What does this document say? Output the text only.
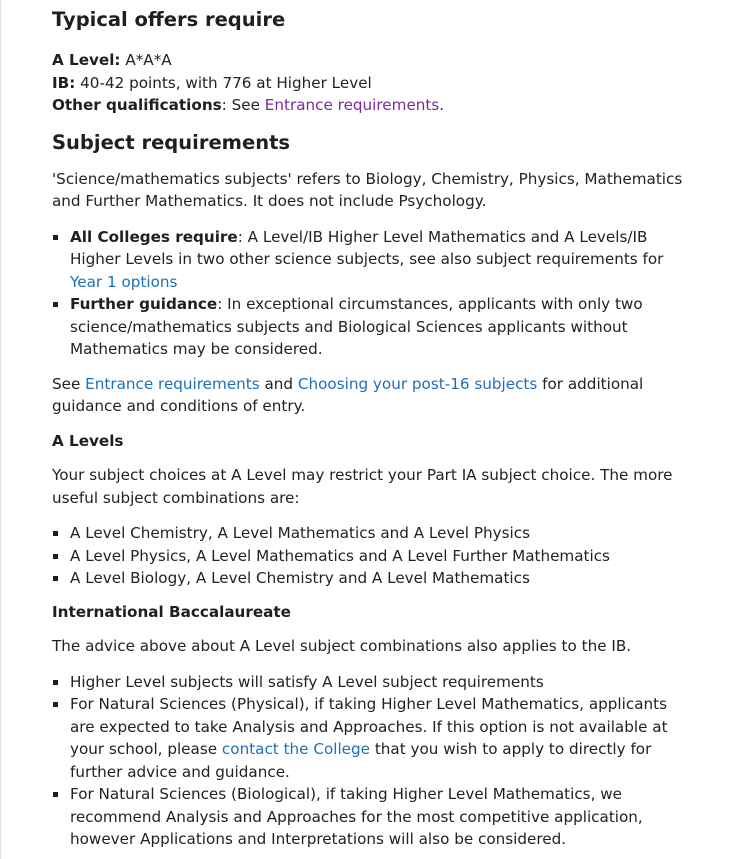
Typical offers require

A Level: A*A*A

IB: 40-42 points, with 776 at Higher Level

Other qualifications: See Entrance requirements.

Subject requirements

'Science/mathematics subjects' refers to Biology, Chemistry, Physics, Mathematics and Further Mathematics. It does not include Psychology.

All Colleges require: A Level/IB Higher Level Mathematics and A Levels/IB Higher Levels in two other science subjects, see also subject requirements for Year 1 options
Further guidance: In exceptional circumstances, applicants with only two science/mathematics subjects and Biological Sciences applicants without Mathematics may be considered.

See Entrance requirements and Choosing your post-16 subjects for additional guidance and conditions of entry.

A Levels

Your subject choices at A Level may restrict your Part IA subject choice. The more useful subject combinations are:

A Level Chemistry, A Level Mathematics and A Level Physics
A Level Physics, A Level Mathematics and A Level Further Mathematics
A Level Biology, A Level Chemistry and A Level Mathematics
International Baccalaureate

The advice above about A Level subject combinations also applies to the IB.

Higher Level subjects will satisfy A Level subject requirements
For Natural Sciences (Physical), if taking Higher Level Mathematics, applicants are expected to take Analysis and Approaches. If this option is not available at your school, please contact the College that you wish to apply to directly for further advice and guidance.
For Natural Sciences (Biological), if taking Higher Level Mathematics, we recommend Analysis and Approaches for the most competitive application, however Applications and Interpretations will also be considered.
